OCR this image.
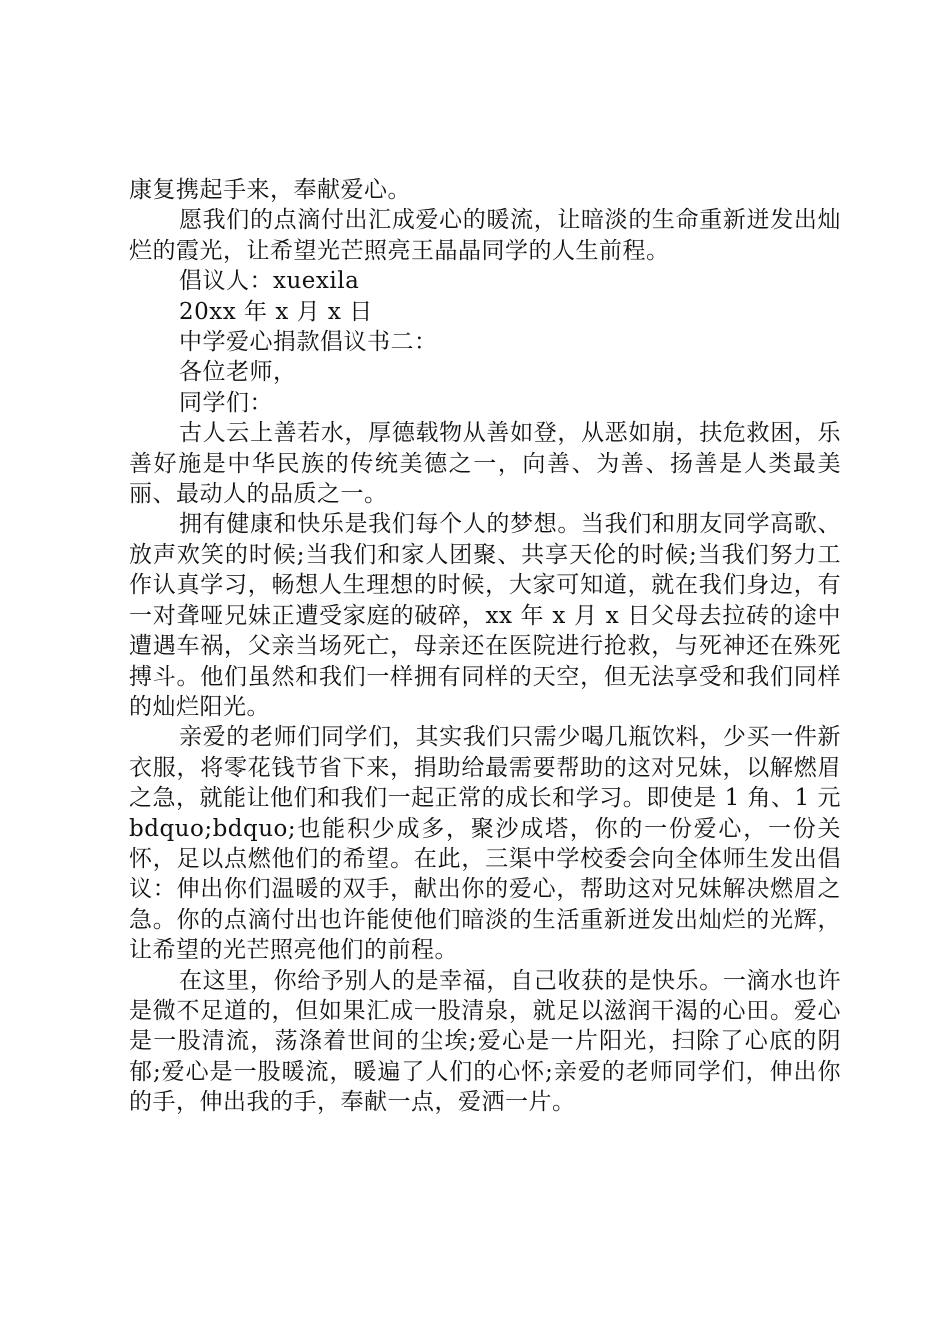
康复携起手来，奉献爱心。

愿我们的点滴付出汇成爱心的暖流，让暗淡的生命重新迸发出灿烂的霞光，让希望光芒照亮王晶晶同学的人生前程。

倡议人：xuexila

20xx 年 x 月 x 日

中学爱心捐款倡议书二：

各位老师，

同学们：

古人云上善若水，厚德载物从善如登，从恶如崩，扶危救困，乐善好施是中华民族的传统美德之一，向善、为善、扬善是人类最美丽、最动人的品质之一。

拥有健康和快乐是我们每个人的梦想。当我们和朋友同学高歌、放声欢笑的时候;当我们和家人团聚、共享天伦的时候;当我们努力工作认真学习，畅想人生理想的时候，大家可知道，就在我们身边，有一对聋哑兄妹正遭受家庭的破碎，xx 年 x 月 x 日父母去拉砖的途中遭遇车祸，父亲当场死亡，母亲还在医院进行抢救，与死神还在殊死搏斗。他们虽然和我们一样拥有同样的天空，但无法享受和我们同样的灿烂阳光。

亲爱的老师们同学们，其实我们只需少喝几瓶饮料，少买一件新衣服，将零花钱节省下来，捐助给最需要帮助的这对兄妹，以解燃眉之急，就能让他们和我们一起正常的成长和学习。即使是 1 角、1 元 bdquo;bdquo;也能积少成多，聚沙成塔，你的一份爱心，一份关怀，足以点燃他们的希望。在此，三渠中学校委会向全体师生发出倡议：伸出你们温暖的双手，献出你的爱心，帮助这对兄妹解决燃眉之急。你的点滴付出也许能使他们暗淡的生活重新迸发出灿烂的光辉，让希望的光芒照亮他们的前程。

在这里，你给予别人的是幸福，自己收获的是快乐。一滴水也许是微不足道的，但如果汇成一股清泉，就足以滋润干渴的心田。爱心是一股清流，荡涤着世间的尘埃;爱心是一片阳光，扫除了心底的阴郁;爱心是一股暖流，暖遍了人们的心怀;亲爱的老师同学们，伸出你的手，伸出我的手，奉献一点，爱洒一片。
